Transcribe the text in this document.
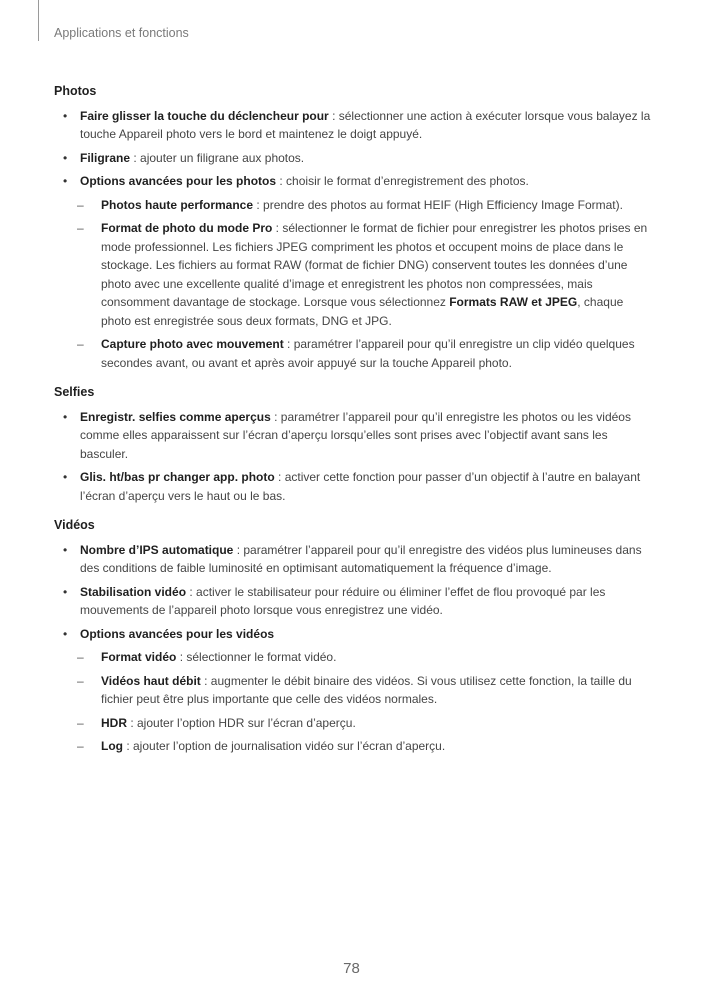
Applications et fonctions
Photos
• Faire glisser la touche du déclencheur pour : sélectionner une action à exécuter lorsque vous balayez la touche Appareil photo vers le bord et maintenez le doigt appuyé.
• Filigrane : ajouter un filigrane aux photos.
• Options avancées pour les photos : choisir le format d’enregistrement des photos.
– Photos haute performance : prendre des photos au format HEIF (High Efficiency Image Format).
– Format de photo du mode Pro : sélectionner le format de fichier pour enregistrer les photos prises en mode professionnel. Les fichiers JPEG compriment les photos et occupent moins de place dans le stockage. Les fichiers au format RAW (format de fichier DNG) conservent toutes les données d’une photo avec une excellente qualité d’image et enregistrent les photos non compressées, mais consomment davantage de stockage. Lorsque vous sélectionnez Formats RAW et JPEG, chaque photo est enregistrée sous deux formats, DNG et JPG.
– Capture photo avec mouvement : paramétrer l’appareil pour qu’il enregistre un clip vidéo quelques secondes avant, ou avant et après avoir appuyé sur la touche Appareil photo.
Selfies
• Enregistr. selfies comme aperçus : paramétrer l’appareil pour qu’il enregistre les photos ou les vidéos comme elles apparaissent sur l’écran d’aperçu lorsqu’elles sont prises avec l’objectif avant sans les basculer.
• Glis. ht/bas pr changer app. photo : activer cette fonction pour passer d’un objectif à l’autre en balayant l’écran d’aperçu vers le haut ou le bas.
Vidéos
• Nombre d’IPS automatique : paramétrer l’appareil pour qu’il enregistre des vidéos plus lumineuses dans des conditions de faible luminosité en optimisant automatiquement la fréquence d’image.
• Stabilisation vidéo : activer le stabilisateur pour réduire ou éliminer l’effet de flou provoqué par les mouvements de l’appareil photo lorsque vous enregistrez une vidéo.
• Options avancées pour les vidéos
– Format vidéo : sélectionner le format vidéo.
– Vidéos haut débit : augmenter le débit binaire des vidéos. Si vous utilisez cette fonction, la taille du fichier peut être plus importante que celle des vidéos normales.
– HDR : ajouter l’option HDR sur l’écran d’aperçu.
– Log : ajouter l’option de journalisation vidéo sur l’écran d’aperçu.
78
